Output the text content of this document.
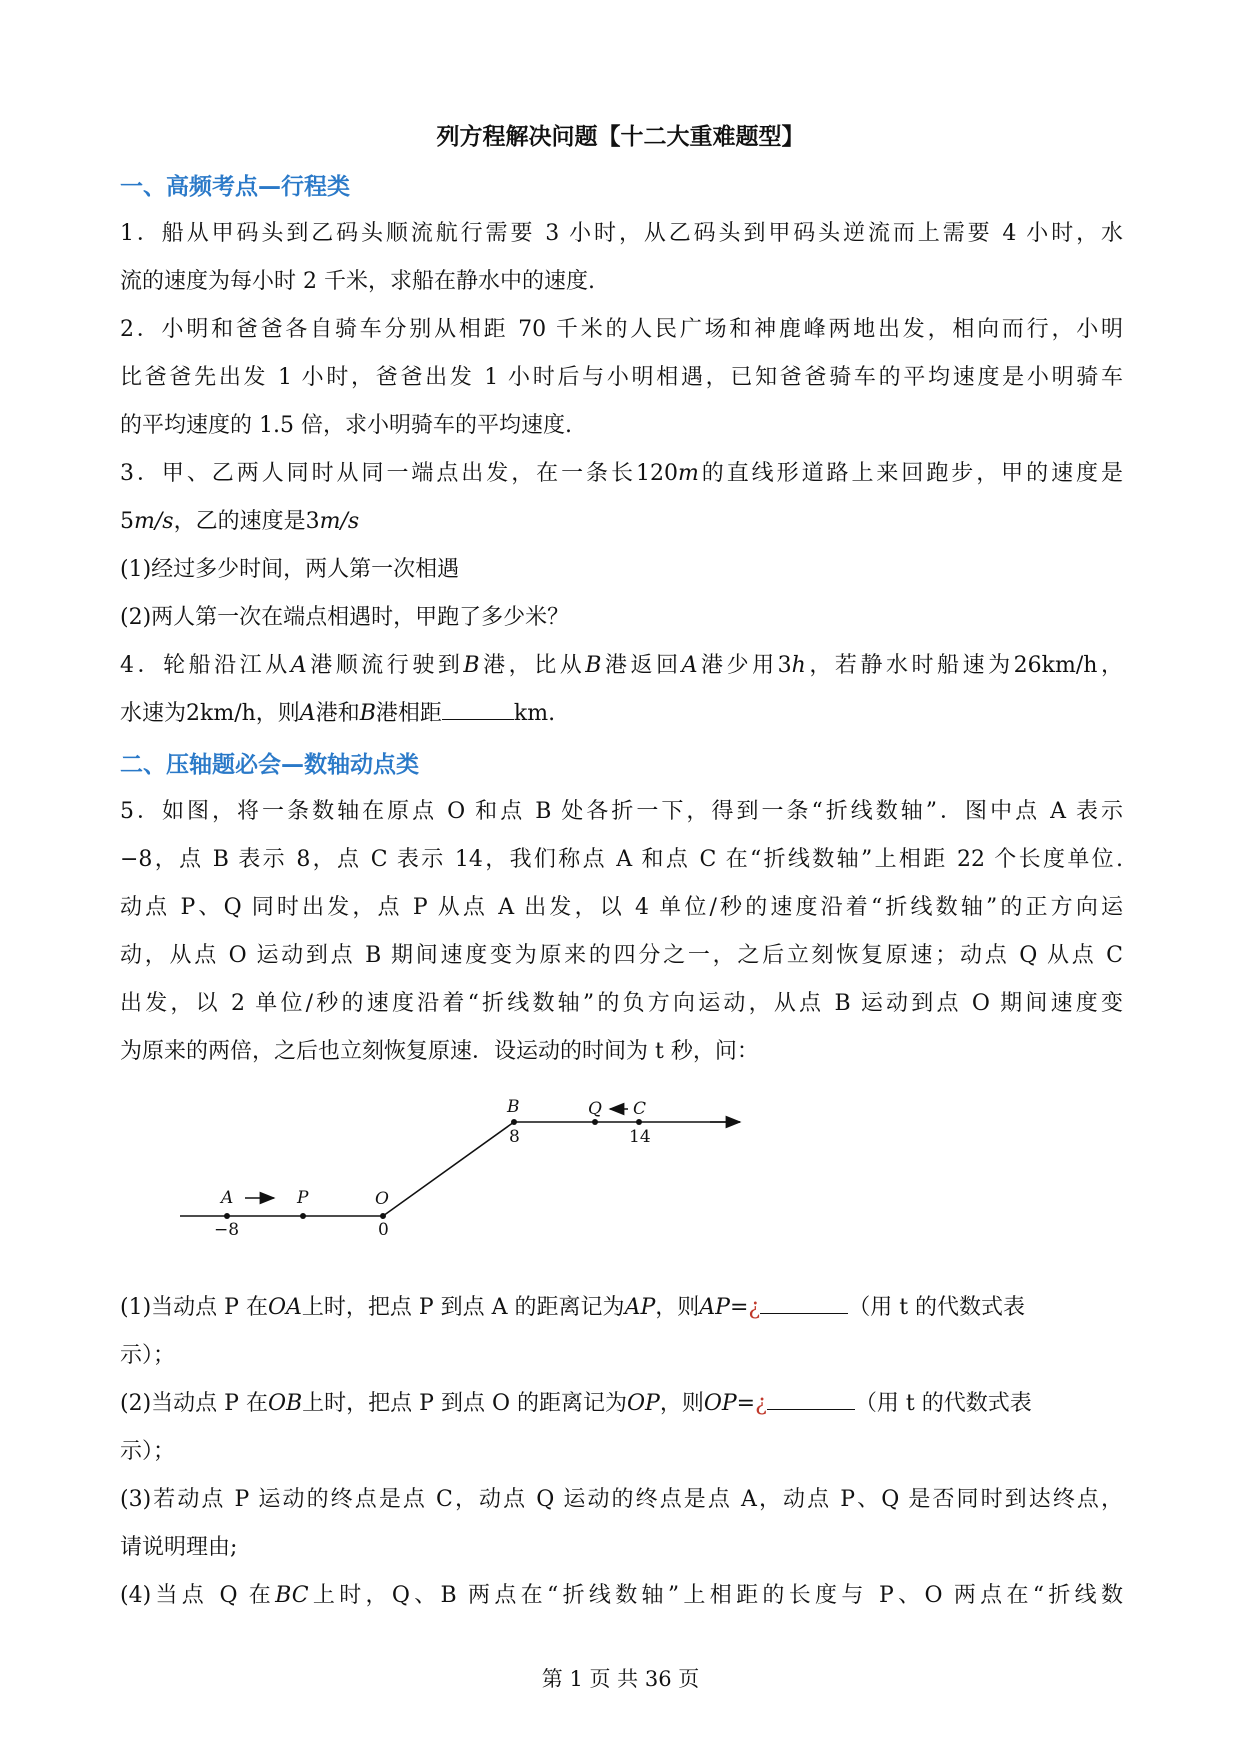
列方程解决问题【十二大重难题型】
一、高频考点—行程类
1．船从甲码头到乙码头顺流航行需要 3 小时，从乙码头到甲码头逆流而上需要 4 小时，水
流的速度为每小时 2 千米，求船在静水中的速度.
2．小明和爸爸各自骑车分别从相距 70 千米的人民广场和神鹿峰两地出发，相向而行，小明
比爸爸先出发 1 小时，爸爸出发 1 小时后与小明相遇，已知爸爸骑车的平均速度是小明骑车
的平均速度的 1.5 倍，求小明骑车的平均速度.
3．甲、乙两人同时从同一端点出发，在一条长120m的直线形道路上来回跑步，甲的速度是
5m/s，乙的速度是3m/s
(1)经过多少时间，两人第一次相遇
(2)两人第一次在端点相遇时，甲跑了多少米？
4．轮船沿江从A港顺流行驶到B港，比从B港返回A港少用3h，若静水时船速为26km/h，
水速为2km/h，则A港和B港相距	km.
二、压轴题必会—数轴动点类
5．如图，将一条数轴在原点 O 和点 B 处各折一下，得到一条“折线数轴”．图中点 A 表示
−8，点 B 表示 8，点 C 表示 14，我们称点 A 和点 C 在“折线数轴”上相距 22 个长度单位.
动点 P、Q 同时出发，点 P 从点 A 出发，以 4 单位/秒的速度沿着“折线数轴”的正方向运
动，从点 O 运动到点 B 期间速度变为原来的四分之一，之后立刻恢复原速；动点 Q 从点 C
出发，以 2 单位/秒的速度沿着“折线数轴”的负方向运动，从点 B 运动到点 O 期间速度变
为原来的两倍，之后也立刻恢复原速．设运动的时间为 t 秒，问：
A	P	O
B	Q C
−8	0
8	14
(1)当动点 P 在OA上时，把点 P 到点 A 的距离记为AP，则AP=¿	（用 t 的代数式表
示）；
(2)当动点 P 在OB上时，把点 P 到点 O 的距离记为OP，则OP=¿	（用 t 的代数式表
示）；
(3)若动点 P 运动的终点是点 C，动点 Q 运动的终点是点 A，动点 P、Q 是否同时到达终点，
请说明理由;
(4)当点 Q 在BC上时，Q、B 两点在“折线数轴”上相距的长度与 P、O 两点在“折线数
第 1 页 共 36 页
